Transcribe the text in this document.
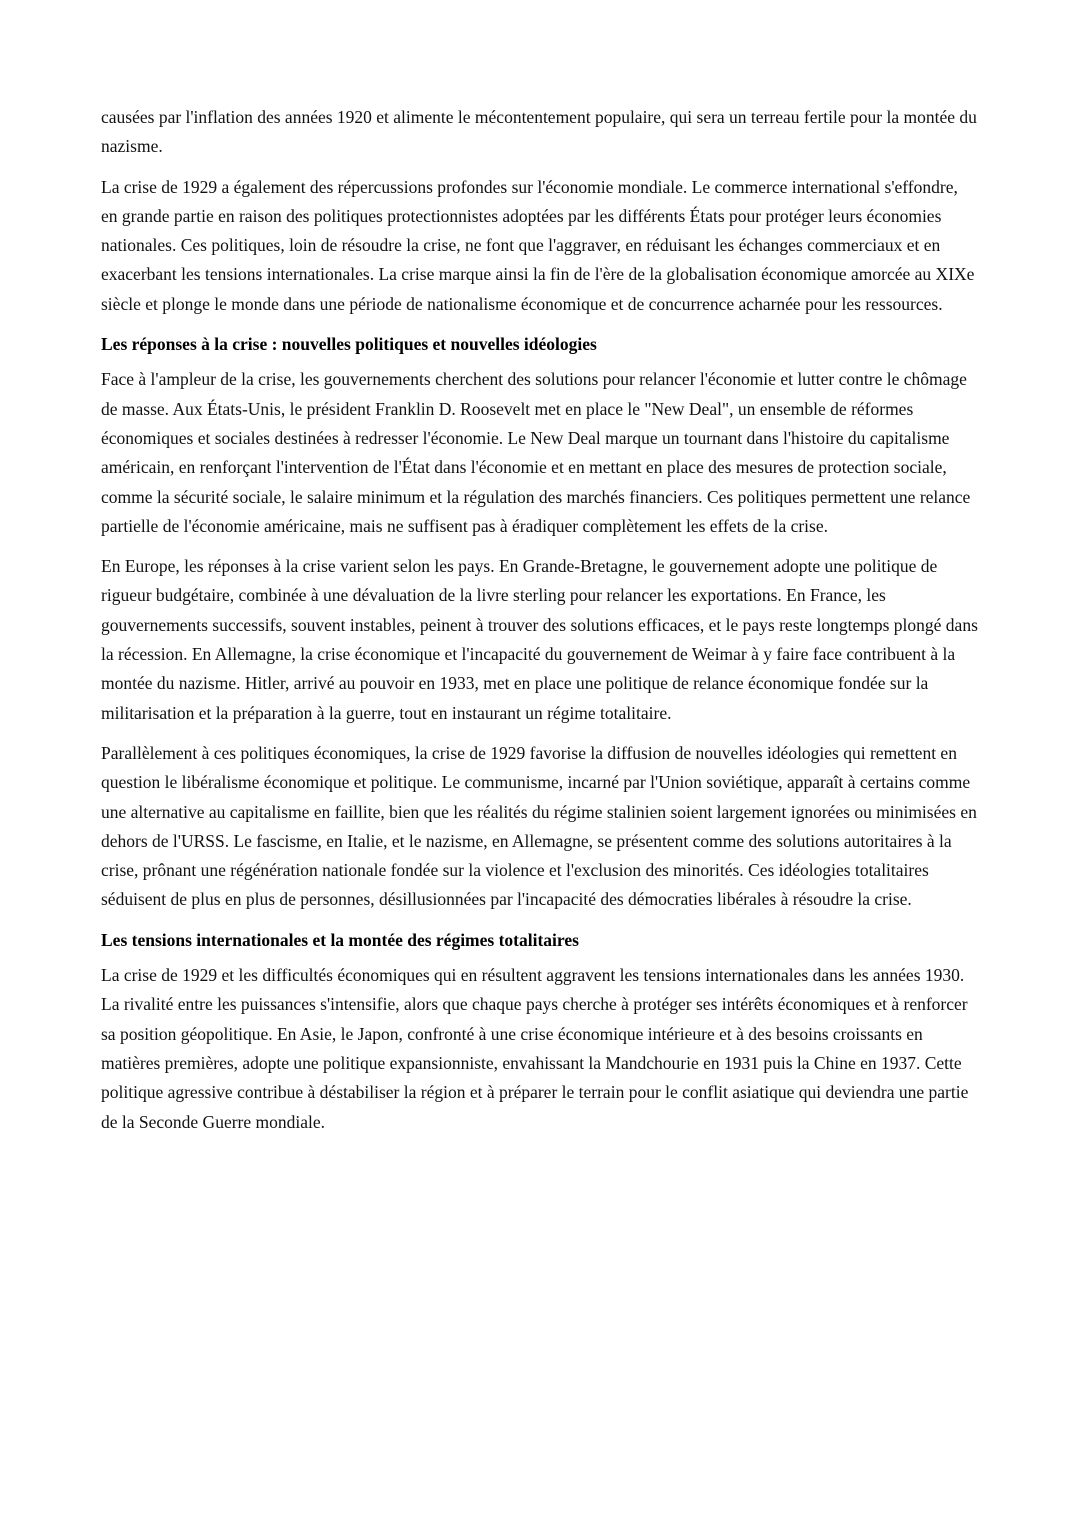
causées par l'inflation des années 1920 et alimente le mécontentement populaire, qui sera un terreau fertile pour la montée du nazisme.

La crise de 1929 a également des répercussions profondes sur l'économie mondiale. Le commerce international s'effondre, en grande partie en raison des politiques protectionnistes adoptées par les différents États pour protéger leurs économies nationales. Ces politiques, loin de résoudre la crise, ne font que l'aggraver, en réduisant les échanges commerciaux et en exacerbant les tensions internationales. La crise marque ainsi la fin de l'ère de la globalisation économique amorcée au XIXe siècle et plonge le monde dans une période de nationalisme économique et de concurrence acharnée pour les ressources.

Les réponses à la crise : nouvelles politiques et nouvelles idéologies

Face à l'ampleur de la crise, les gouvernements cherchent des solutions pour relancer l'économie et lutter contre le chômage de masse. Aux États-Unis, le président Franklin D. Roosevelt met en place le "New Deal", un ensemble de réformes économiques et sociales destinées à redresser l'économie. Le New Deal marque un tournant dans l'histoire du capitalisme américain, en renforçant l'intervention de l'État dans l'économie et en mettant en place des mesures de protection sociale, comme la sécurité sociale, le salaire minimum et la régulation des marchés financiers. Ces politiques permettent une relance partielle de l'économie américaine, mais ne suffisent pas à éradiquer complètement les effets de la crise.

En Europe, les réponses à la crise varient selon les pays. En Grande-Bretagne, le gouvernement adopte une politique de rigueur budgétaire, combinée à une dévaluation de la livre sterling pour relancer les exportations. En France, les gouvernements successifs, souvent instables, peinent à trouver des solutions efficaces, et le pays reste longtemps plongé dans la récession. En Allemagne, la crise économique et l'incapacité du gouvernement de Weimar à y faire face contribuent à la montée du nazisme. Hitler, arrivé au pouvoir en 1933, met en place une politique de relance économique fondée sur la militarisation et la préparation à la guerre, tout en instaurant un régime totalitaire.

Parallèlement à ces politiques économiques, la crise de 1929 favorise la diffusion de nouvelles idéologies qui remettent en question le libéralisme économique et politique. Le communisme, incarné par l'Union soviétique, apparaît à certains comme une alternative au capitalisme en faillite, bien que les réalités du régime stalinien soient largement ignorées ou minimisées en dehors de l'URSS. Le fascisme, en Italie, et le nazisme, en Allemagne, se présentent comme des solutions autoritaires à la crise, prônant une régénération nationale fondée sur la violence et l'exclusion des minorités. Ces idéologies totalitaires séduisent de plus en plus de personnes, désillusionnées par l'incapacité des démocraties libérales à résoudre la crise.

Les tensions internationales et la montée des régimes totalitaires

La crise de 1929 et les difficultés économiques qui en résultent aggravent les tensions internationales dans les années 1930. La rivalité entre les puissances s'intensifie, alors que chaque pays cherche à protéger ses intérêts économiques et à renforcer sa position géopolitique. En Asie, le Japon, confronté à une crise économique intérieure et à des besoins croissants en matières premières, adopte une politique expansionniste, envahissant la Mandchourie en 1931 puis la Chine en 1937. Cette politique agressive contribue à déstabiliser la région et à préparer le terrain pour le conflit asiatique qui deviendra une partie de la Seconde Guerre mondiale.
